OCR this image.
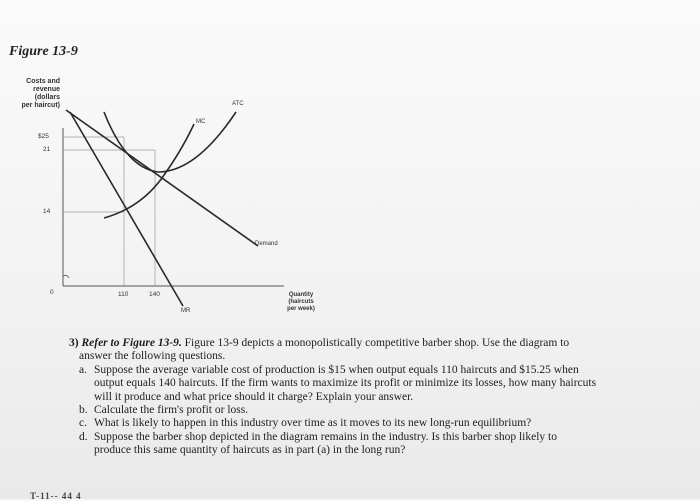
Figure 13-9
Costs and
revenue
(dollars
per haircut)
$25
21
14
0	110	140	Quantity
(haircuts
per week)
ATC
MC
Demand
MR

3) Refer to Figure 13-9. Figure 13-9 depicts a monopolistically competitive barber shop. Use the diagram to

answer the following questions.

a. Suppose the average variable cost of production is $15 when output equals 110 haircuts and $15.25 when

output equals 140 haircuts. If the firm wants to maximize its profit or minimize its losses, how many haircuts

will it produce and what price should it charge? Explain your answer.

b. Calculate the firm's profit or loss.

c. What is likely to happen in this industry over time as it moves to its new long-run equilibrium?

d. Suppose the barber shop depicted in the diagram remains in the industry. Is this barber shop likely to

produce this same quantity of haircuts as in part (a) in the long run?

T-11-- 44 4
